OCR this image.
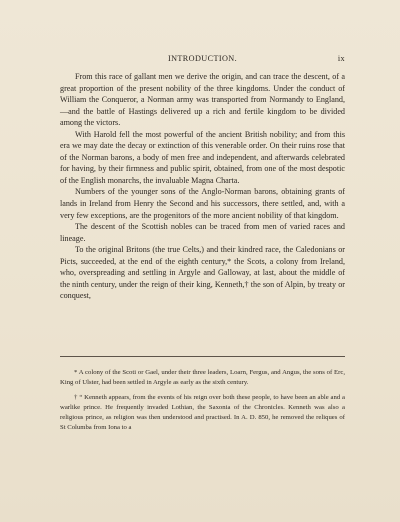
INTRODUCTION.	ix

From this race of gallant men we derive the origin, and can trace the descent, of a great proportion of the present nobility of the three kingdoms. Under the conduct of William the Conqueror, a Norman army was transported from Normandy to England,—and the battle of Hastings delivered up a rich and fertile kingdom to be divided among the victors.

With Harold fell the most powerful of the ancient British nobility; and from this era we may date the decay or extinction of this venerable order. On their ruins rose that of the Norman barons, a body of men free and independent, and afterwards celebrated for having, by their firmness and public spirit, obtained, from one of the most despotic of the English monarchs, the invaluable Magna Charta.

Numbers of the younger sons of the Anglo-Norman barons, obtaining grants of lands in Ireland from Henry the Second and his successors, there settled, and, with a very few exceptions, are the progenitors of the more ancient nobility of that kingdom.

The descent of the Scottish nobles can be traced from men of varied races and lineage.

To the original Britons (the true Celts,) and their kindred race, the Caledonians or Picts, succeeded, at the end of the eighth century,* the Scots, a colony from Ireland, who, overspreading and settling in Argyle and Galloway, at last, about the middle of the ninth century, under the reign of their king, Kenneth,† the son of Alpin, by treaty or conquest,

* A colony of the Scoti or Gael, under their three leaders, Loarn, Fergus, and Angus, the sons of Erc, King of Ulster, had been settled in Argyle as early as the sixth century.

† “ Kenneth appears, from the events of his reign over both these people, to have been an able and a warlike prince. He frequently invaded Lothian, the Saxonia of the Chronicles. Kenneth was also a religious prince, as religion was then understood and practised. In A. D. 850, he removed the reliques of St Columba from Iona to a
